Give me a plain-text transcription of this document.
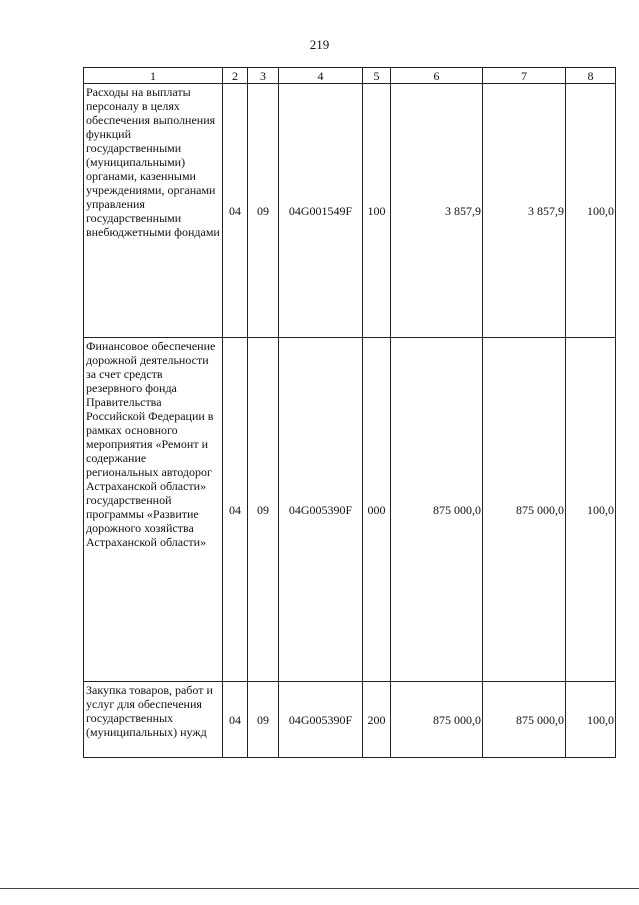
219
1	2	3	4	5	6	7	8
Расходы на выплаты персоналу в целях обеспечения выполнения функций государственными (муниципальными) органами, казенными учреждениями, органами управления государственными внебюджетными фондами	04	09	04G001549F	100	3 857,9	3 857,9	100,0
Финансовое обеспечение дорожной деятельности за счет средств резервного фонда Правительства Российской Федерации в рамках основного мероприятия «Ремонт и содержание региональных автодорог Астраханской области» государственной программы «Развитие дорожного хозяйства Астраханской области»	04	09	04G005390F	000	875 000,0	875 000,0	100,0
Закупка товаров, работ и услуг для обеспечения государственных (муниципальных) нужд	04	09	04G005390F	200	875 000,0	875 000,0	100,0
